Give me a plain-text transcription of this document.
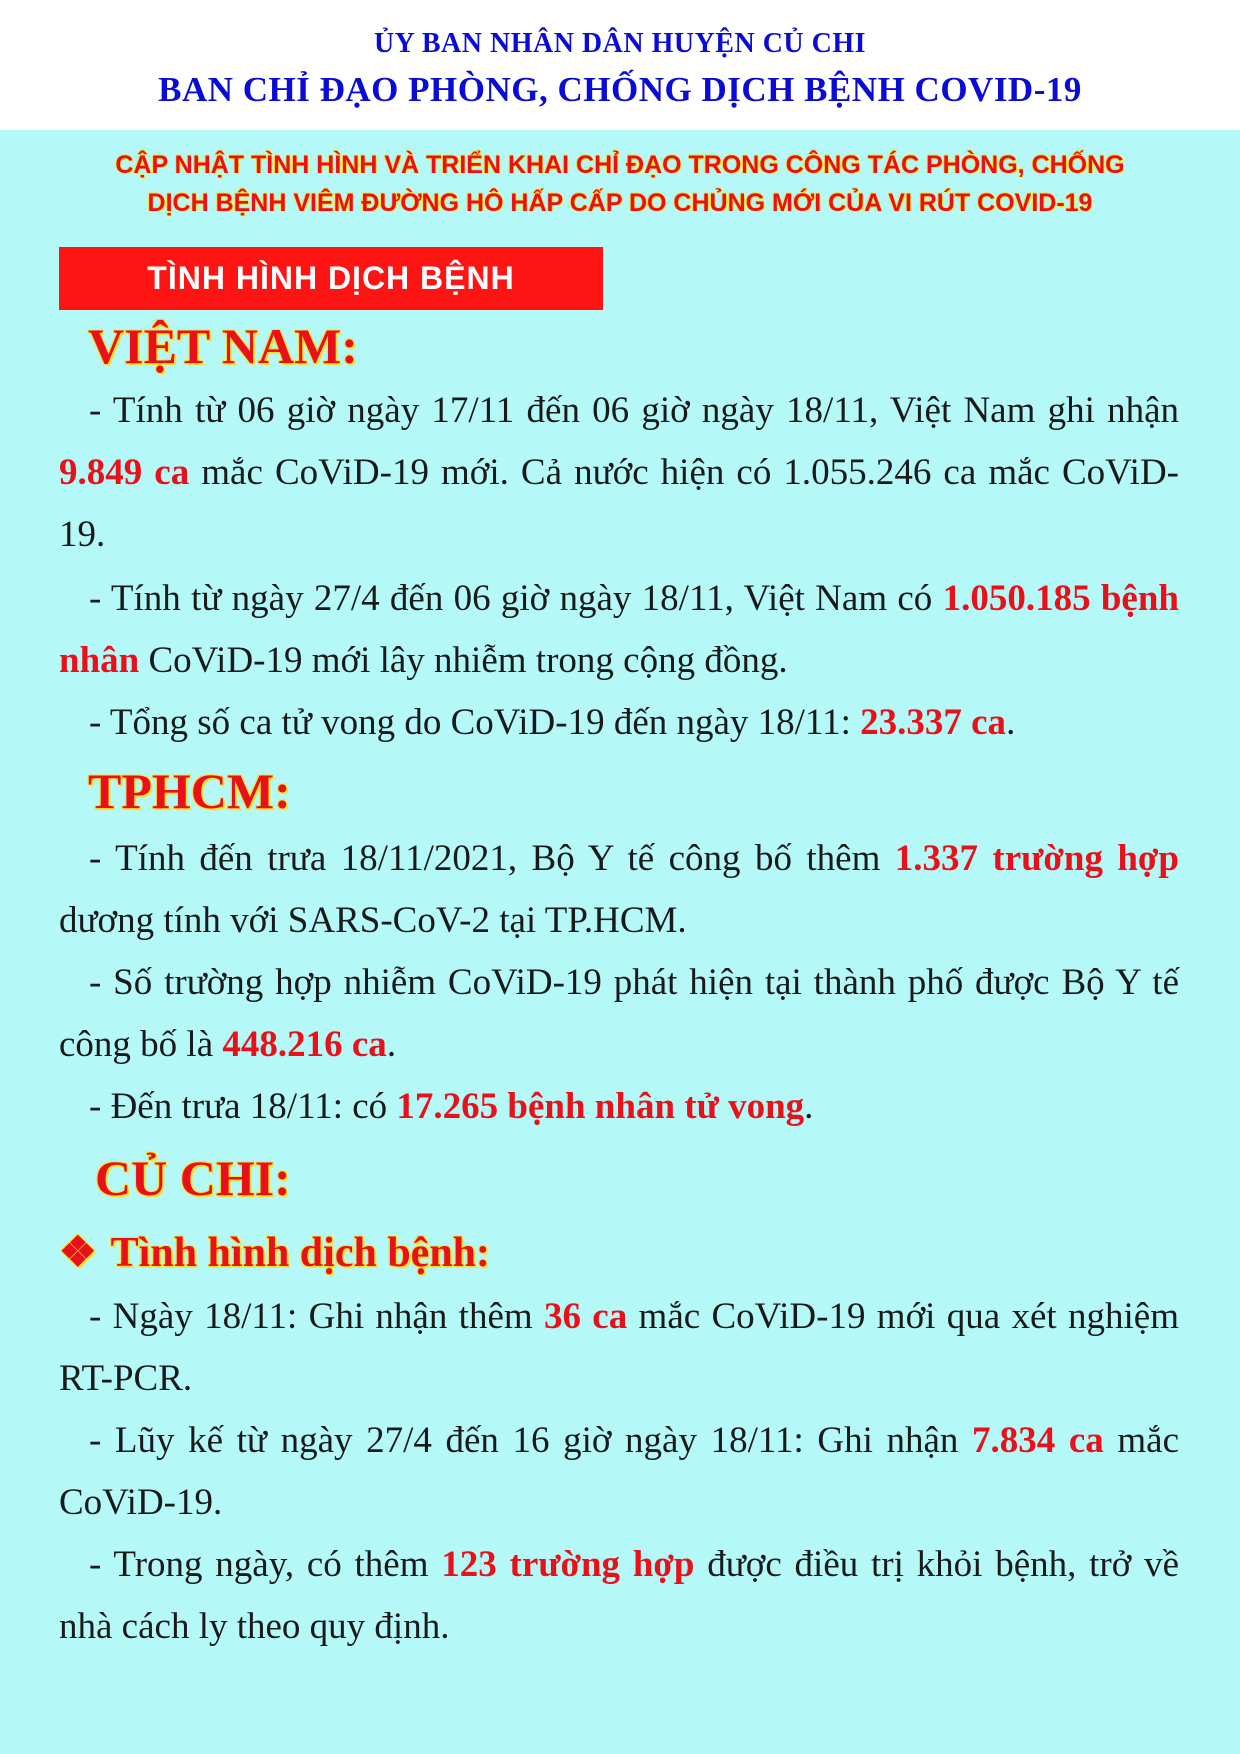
ỦY BAN NHÂN DÂN HUYỆN CỦ CHI
BAN CHỈ ĐẠO PHÒNG, CHỐNG DỊCH BỆNH COVID-19
CẬP NHẬT TÌNH HÌNH VÀ TRIỂN KHAI CHỈ ĐẠO TRONG CÔNG TÁC PHÒNG, CHỐNG
DỊCH BỆNH VIÊM ĐƯỜNG HÔ HẤP CẤP DO CHỦNG MỚI CỦA VI RÚT COVID-19
TÌNH HÌNH DỊCH BỆNH
VIỆT NAM:
- Tính từ 06 giờ ngày 17/11 đến 06 giờ ngày 18/11, Việt Nam ghi nhận 9.849 ca mắc CoViD-19 mới. Cả nước hiện có 1.055.246 ca mắc CoViD-19.
- Tính từ ngày 27/4 đến 06 giờ ngày 18/11, Việt Nam có 1.050.185 bệnh nhân CoViD-19 mới lây nhiễm trong cộng đồng.
- Tổng số ca tử vong do CoViD-19 đến ngày 18/11: 23.337 ca.
TPHCM:
- Tính đến trưa 18/11/2021, Bộ Y tế công bố thêm 1.337 trường hợp dương tính với SARS-CoV-2 tại TP.HCM.
- Số trường hợp nhiễm CoViD-19 phát hiện tại thành phố được Bộ Y tế công bố là 448.216 ca.
- Đến trưa 18/11: có 17.265 bệnh nhân tử vong.
CỦ CHI:
❖ Tình hình dịch bệnh:
- Ngày 18/11: Ghi nhận thêm 36 ca mắc CoViD-19 mới qua xét nghiệm RT-PCR.
- Lũy kế từ ngày 27/4 đến 16 giờ ngày 18/11: Ghi nhận 7.834 ca mắc CoViD-19.
- Trong ngày, có thêm 123 trường hợp được điều trị khỏi bệnh, trở về nhà cách ly theo quy định.
